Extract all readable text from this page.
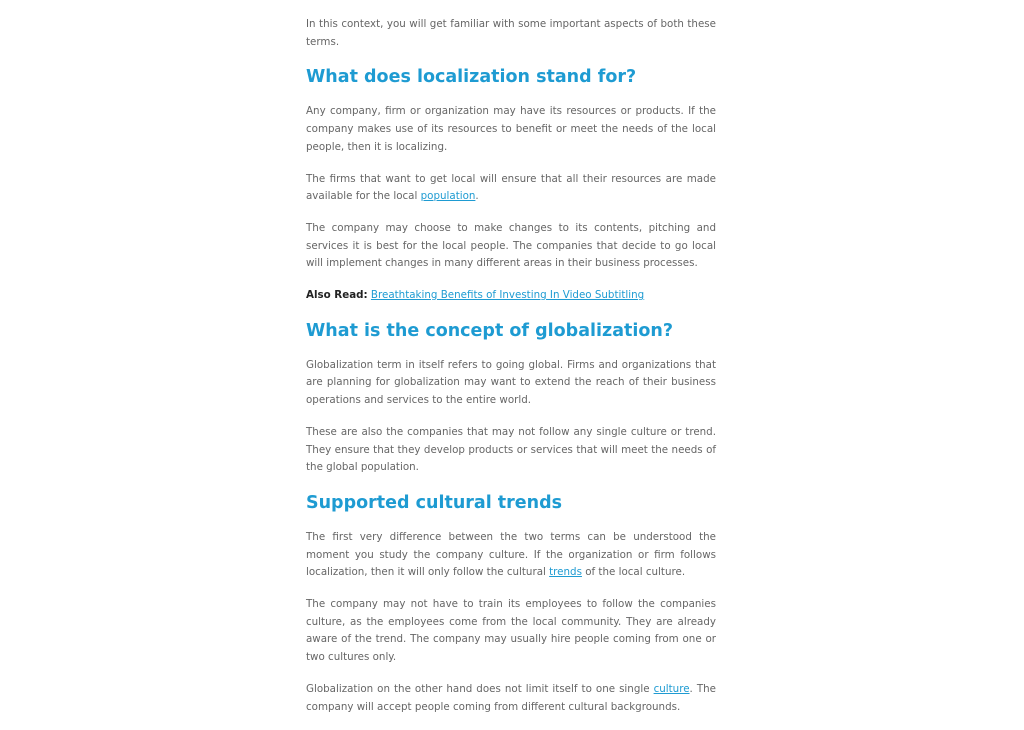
In this context, you will get familiar with some important aspects of both these terms.

What does localization stand for?

Any company, firm or organization may have its resources or products. If the company makes use of its resources to benefit or meet the needs of the local people, then it is localizing.

The firms that want to get local will ensure that all their resources are made available for the local population.

The company may choose to make changes to its contents, pitching and services it is best for the local people. The companies that decide to go local will implement changes in many different areas in their business processes.

Also Read: Breathtaking Benefits of Investing In Video Subtitling

What is the concept of globalization?

Globalization term in itself refers to going global. Firms and organizations that are planning for globalization may want to extend the reach of their business operations and services to the entire world.

These are also the companies that may not follow any single culture or trend. They ensure that they develop products or services that will meet the needs of the global population.

Supported cultural trends

The first very difference between the two terms can be understood the moment you study the company culture. If the organization or firm follows localization, then it will only follow the cultural trends of the local culture.

The company may not have to train its employees to follow the companies culture, as the employees come from the local community. They are already aware of the trend. The company may usually hire people coming from one or two cultures only.

Globalization on the other hand does not limit itself to one single culture. The company will accept people coming from different cultural backgrounds.
